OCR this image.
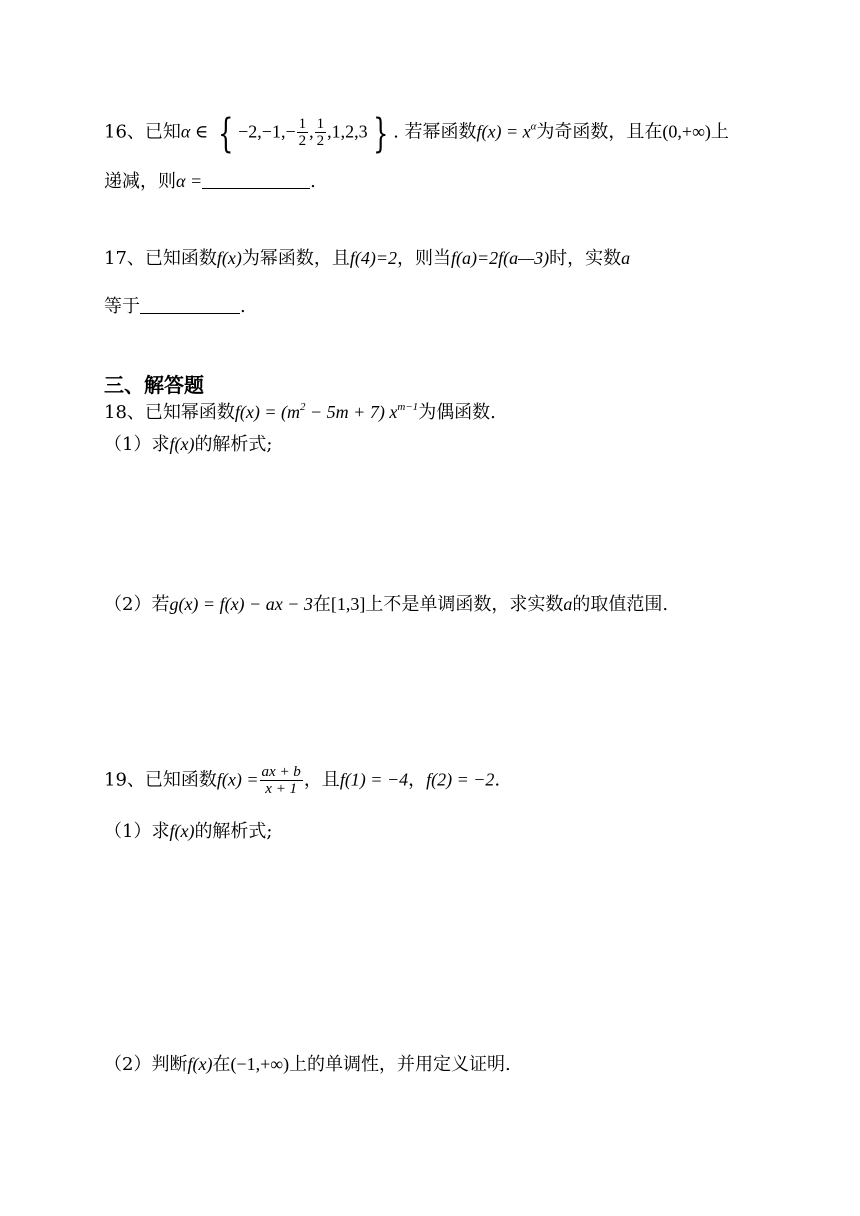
16、已知α ∈ { $-2,-1,- \frac{1}{2}$ , $\frac{1}{2} ,1,2,3$ } . 若幂函数$f(x) = x^\alpha$为奇函数，且在(0,+∞)上
递减，则α =	.
17、已知函数f(x)为幂函数，且f(4)=2，则当f(a)=2f(a—3)时，实数a
等于	.
三、解答题
18、已知幂函数$f(x) = (m^2 - 5m + 7)$ $x^{m-1}$为偶函数.
（1）求f(x)的解析式;
（2）若g(x) = f(x) − ax − 3在[1,3]上不是单调函数，求实数a的取值范围.
19、已知函数$f(x) = \frac{ax + b}{x + 1}$ ，且f(1) = −4，f(2) = −2.
（1）求f(x)的解析式;
（2）判断f(x)在(−1,+∞)上的单调性，并用定义证明.
